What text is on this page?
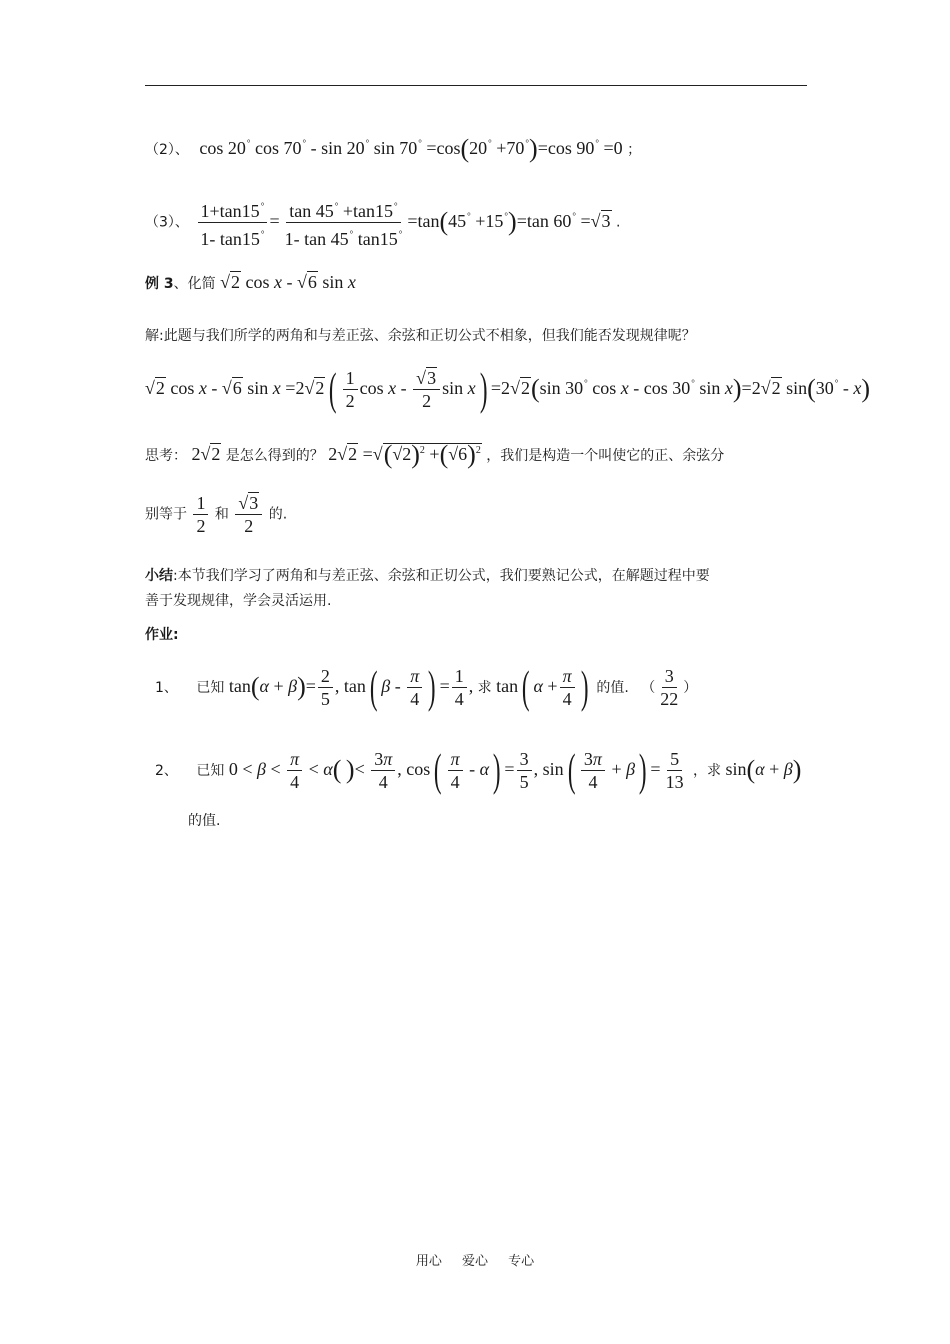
（2）、 cos 20° cos 70° - sin 20° sin 70° =cos(20° +70°)=cos 90° =0 ；
（3）、 $\frac{1+\tan 15^\circ}{1- \tan 15^\circ} = \frac{\tan 45^\circ +\tan 15^\circ}{1- \tan 45^\circ \tan 15^\circ} =\tan(45^\circ +15^\circ)=\tan$ 60° =√3 .
例 3、化简 √2 cos x - √6 sin x
解:此题与我们所学的两角和与差正弦、余弦和正切公式不相象，但我们能否发现规律呢？
√2 cos x - √6 sin x =2√2 ( $\frac{1}{2}$ cos x - $\frac{√3}{2}$ sin x) =2√2(sin 30° cos x - cos 30° sin x)=2√2 sin(30° - x)
思考： 2√2 是怎么得到的？ $2√2 =√(√2)^2 +(√6)^2$ ，我们是构造一个叫使它的正、余弦分
别等于 $\frac{1}{2}$ 和 $\frac{√3}{2}$ 的.
小结:本节我们学习了两角和与差正弦、余弦和正切公式，我们要熟记公式，在解题过程中要
善于发现规律，学会灵活运用.
作业:
1、 已知 $\tan(\alpha + \beta)= \frac{2}{5}$ , tan( β - $\frac{\pi}{4}$ ) = $\frac{1}{4}$ , 求 tan( $\alpha + \frac{\pi}{4}$ ) 的值. （ $\frac{3}{22}$ ）
2、 已知 $0 < \beta < \frac{\pi}{4} < \alpha$( )< $\frac{3\pi}{4}$ , $\cos( \frac{\pi}{4} - \alpha) = \frac{3}{5}$ , $\sin( \frac{3\pi}{4} + \beta) = \frac{5}{13}$ ，求 sin(α + β)
的值.
用心 爱心 专心
